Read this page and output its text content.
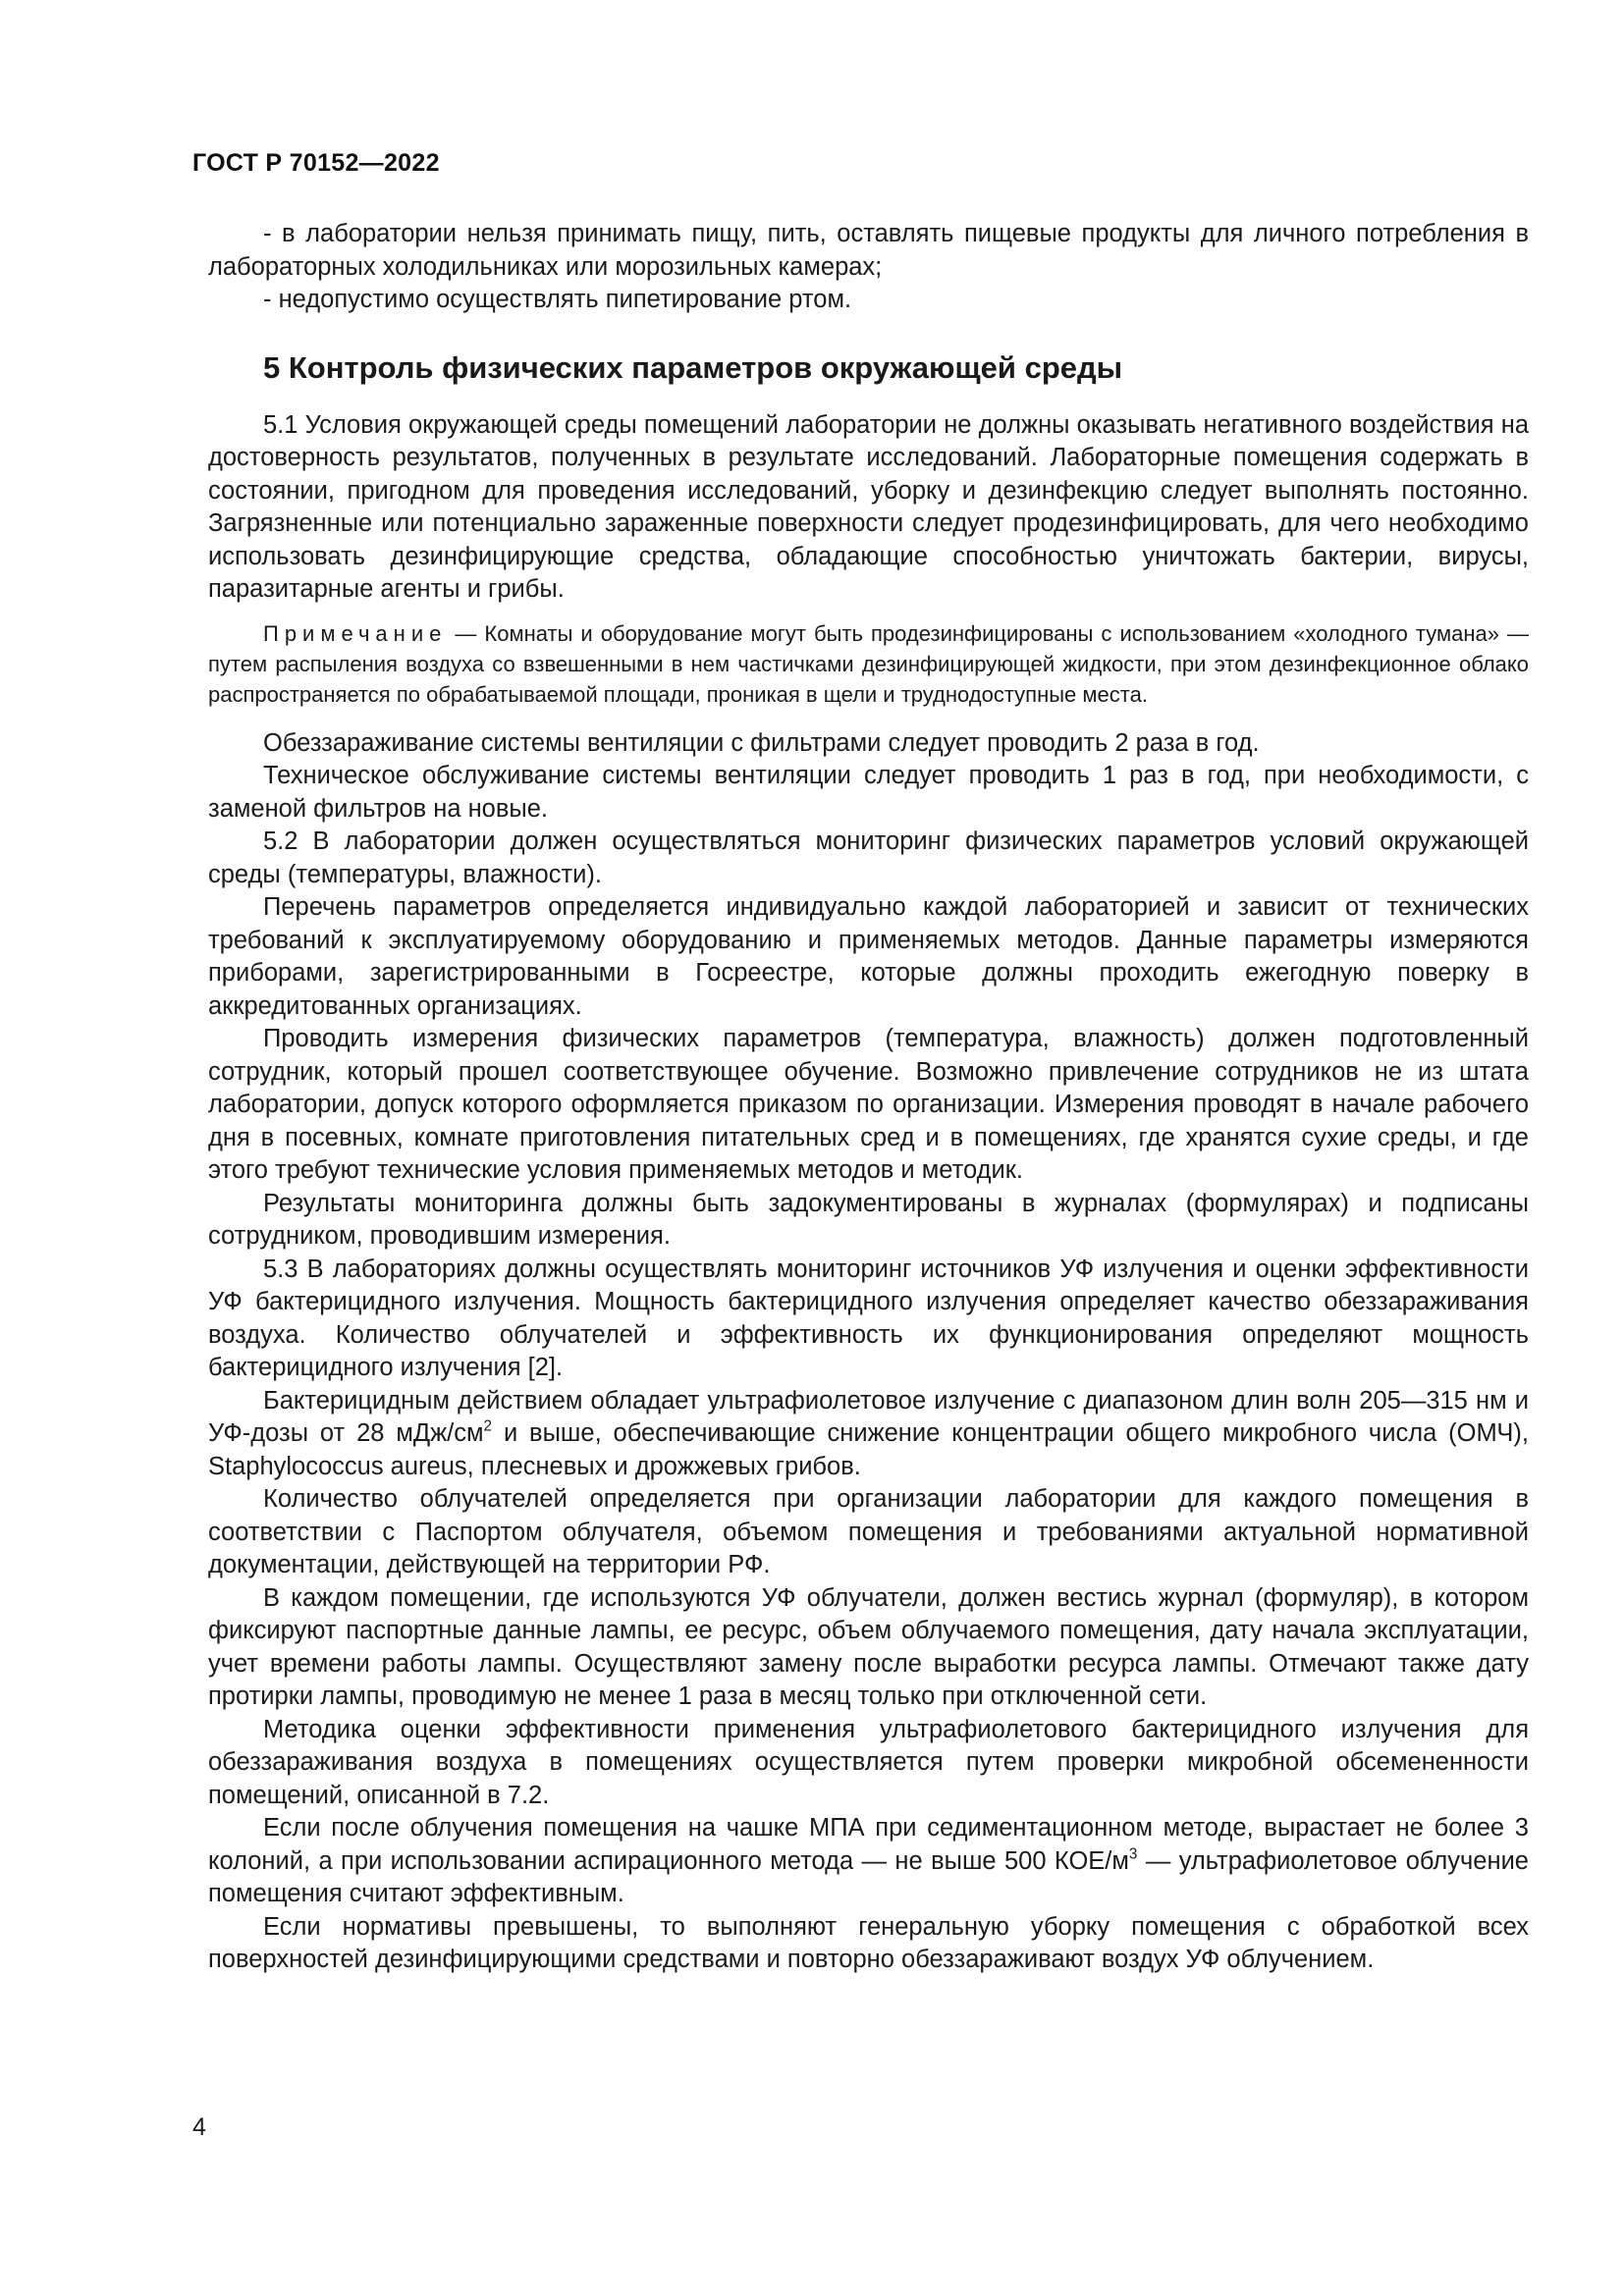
ГОСТ Р 70152—2022

- в лаборатории нельзя принимать пищу, пить, оставлять пищевые продукты для личного потребления в лабораторных холодильниках или морозильных камерах;

- недопустимо осуществлять пипетирование ртом.

5 Контроль физических параметров окружающей среды

5.1 Условия окружающей среды помещений лаборатории не должны оказывать негативного воздействия на достоверность результатов, полученных в результате исследований. Лабораторные помещения содержать в состоянии, пригодном для проведения исследований, уборку и дезинфекцию следует выполнять постоянно. Загрязненные или потенциально зараженные поверхности следует продезинфицировать, для чего необходимо использовать дезинфицирующие средства, обладающие способностью уничтожать бактерии, вирусы, паразитарные агенты и грибы.

Примечание — Комнаты и оборудование могут быть продезинфицированы с использованием «холодного тумана» — путем распыления воздуха со взвешенными в нем частичками дезинфицирующей жидкости, при этом дезинфекционное облако распространяется по обрабатываемой площади, проникая в щели и труднодоступные места.

Обеззараживание системы вентиляции с фильтрами следует проводить 2 раза в год.

Техническое обслуживание системы вентиляции следует проводить 1 раз в год, при необходимости, с заменой фильтров на новые.

5.2 В лаборатории должен осуществляться мониторинг физических параметров условий окружающей среды (температуры, влажности).

Перечень параметров определяется индивидуально каждой лабораторией и зависит от технических требований к эксплуатируемому оборудованию и применяемых методов. Данные параметры измеряются приборами, зарегистрированными в Госреестре, которые должны проходить ежегодную поверку в аккредитованных организациях.

Проводить измерения физических параметров (температура, влажность) должен подготовленный сотрудник, который прошел соответствующее обучение. Возможно привлечение сотрудников не из штата лаборатории, допуск которого оформляется приказом по организации. Измерения проводят в начале рабочего дня в посевных, комнате приготовления питательных сред и в помещениях, где хранятся сухие среды, и где этого требуют технические условия применяемых методов и методик.

Результаты мониторинга должны быть задокументированы в журналах (формулярах) и подписаны сотрудником, проводившим измерения.

5.3 В лабораториях должны осуществлять мониторинг источников УФ излучения и оценки эффективности УФ бактерицидного излучения. Мощность бактерицидного излучения определяет качество обеззараживания воздуха. Количество облучателей и эффективность их функционирования определяют мощность бактерицидного излучения [2].

Бактерицидным действием обладает ультрафиолетовое излучение с диапазоном длин волн 205—315 нм и УФ-дозы от 28 мДж/$см^2$ и выше, обеспечивающие снижение концентрации общего микробного числа (ОМЧ), Staphylococcus aureus, плесневых и дрожжевых грибов.

Количество облучателей определяется при организации лаборатории для каждого помещения в соответствии с Паспортом облучателя, объемом помещения и требованиями актуальной нормативной документации, действующей на территории РФ.

В каждом помещении, где используются УФ облучатели, должен вестись журнал (формуляр), в котором фиксируют паспортные данные лампы, ее ресурс, объем облучаемого помещения, дату начала эксплуатации, учет времени работы лампы. Осуществляют замену после выработки ресурса лампы. Отмечают также дату протирки лампы, проводимую не менее 1 раза в месяц только при отключенной сети.

Методика оценки эффективности применения ультрафиолетового бактерицидного излучения для обеззараживания воздуха в помещениях осуществляется путем проверки микробной обсемененности помещений, описанной в 7.2.

Если после облучения помещения на чашке МПА при седиментационном методе, вырастает не более 3 колоний, а при использовании аспирационного метода — не выше 500 КОЕ/$м^3$ — ультрафиолетовое облучение помещения считают эффективным.

Если нормативы превышены, то выполняют генеральную уборку помещения с обработкой всех поверхностей дезинфицирующими средствами и повторно обеззараживают воздух УФ облучением.

4
